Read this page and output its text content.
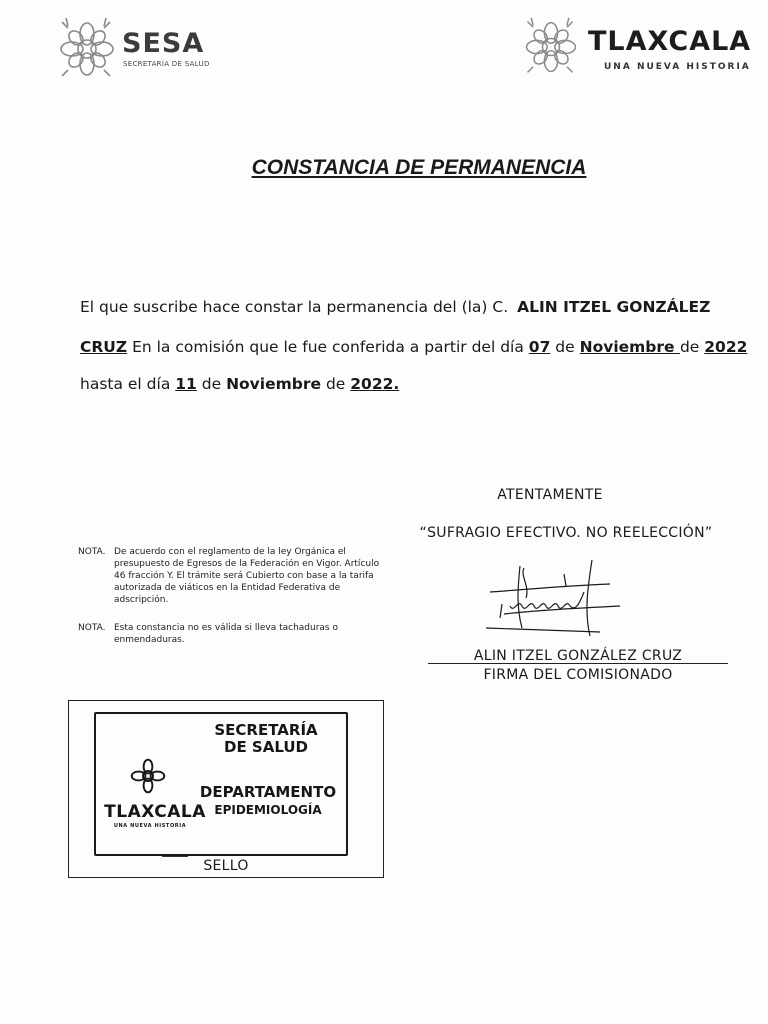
SESA
SECRETARÍA DE SALUD
TLAXCALA
UNA NUEVA HISTORIA
CONSTANCIA DE PERMANENCIA
El que suscribe hace constar la permanencia del (la) C. ALIN ITZEL GONZÁLEZ
CRUZ En la comisión que le fue conferida a partir del día 07 de Noviembre de 2022
hasta el día 11 de Noviembre de 2022.
ATENTAMENTE
“SUFRAGIO EFECTIVO. NO REELECCIÓN”
NOTA. De acuerdo con el reglamento de la ley Orgánica el presupuesto de Egresos de la Federación en Vigor. Artículo 46 fracción Y. El trámite será Cubierto con base a la tarifa autorizada de viáticos en la Entidad Federativa de adscripción.
NOTA. Esta constancia no es válida si lleva tachaduras o enmendaduras.
ALIN ITZEL GONZÁLEZ CRUZ
FIRMA DEL COMISIONADO
SECRETARÍA
DE SALUD
DEPARTAMENTO
EPIDEMIOLOGÍA
TLAXCALA
UNA NUEVA HISTORIA
SELLO
